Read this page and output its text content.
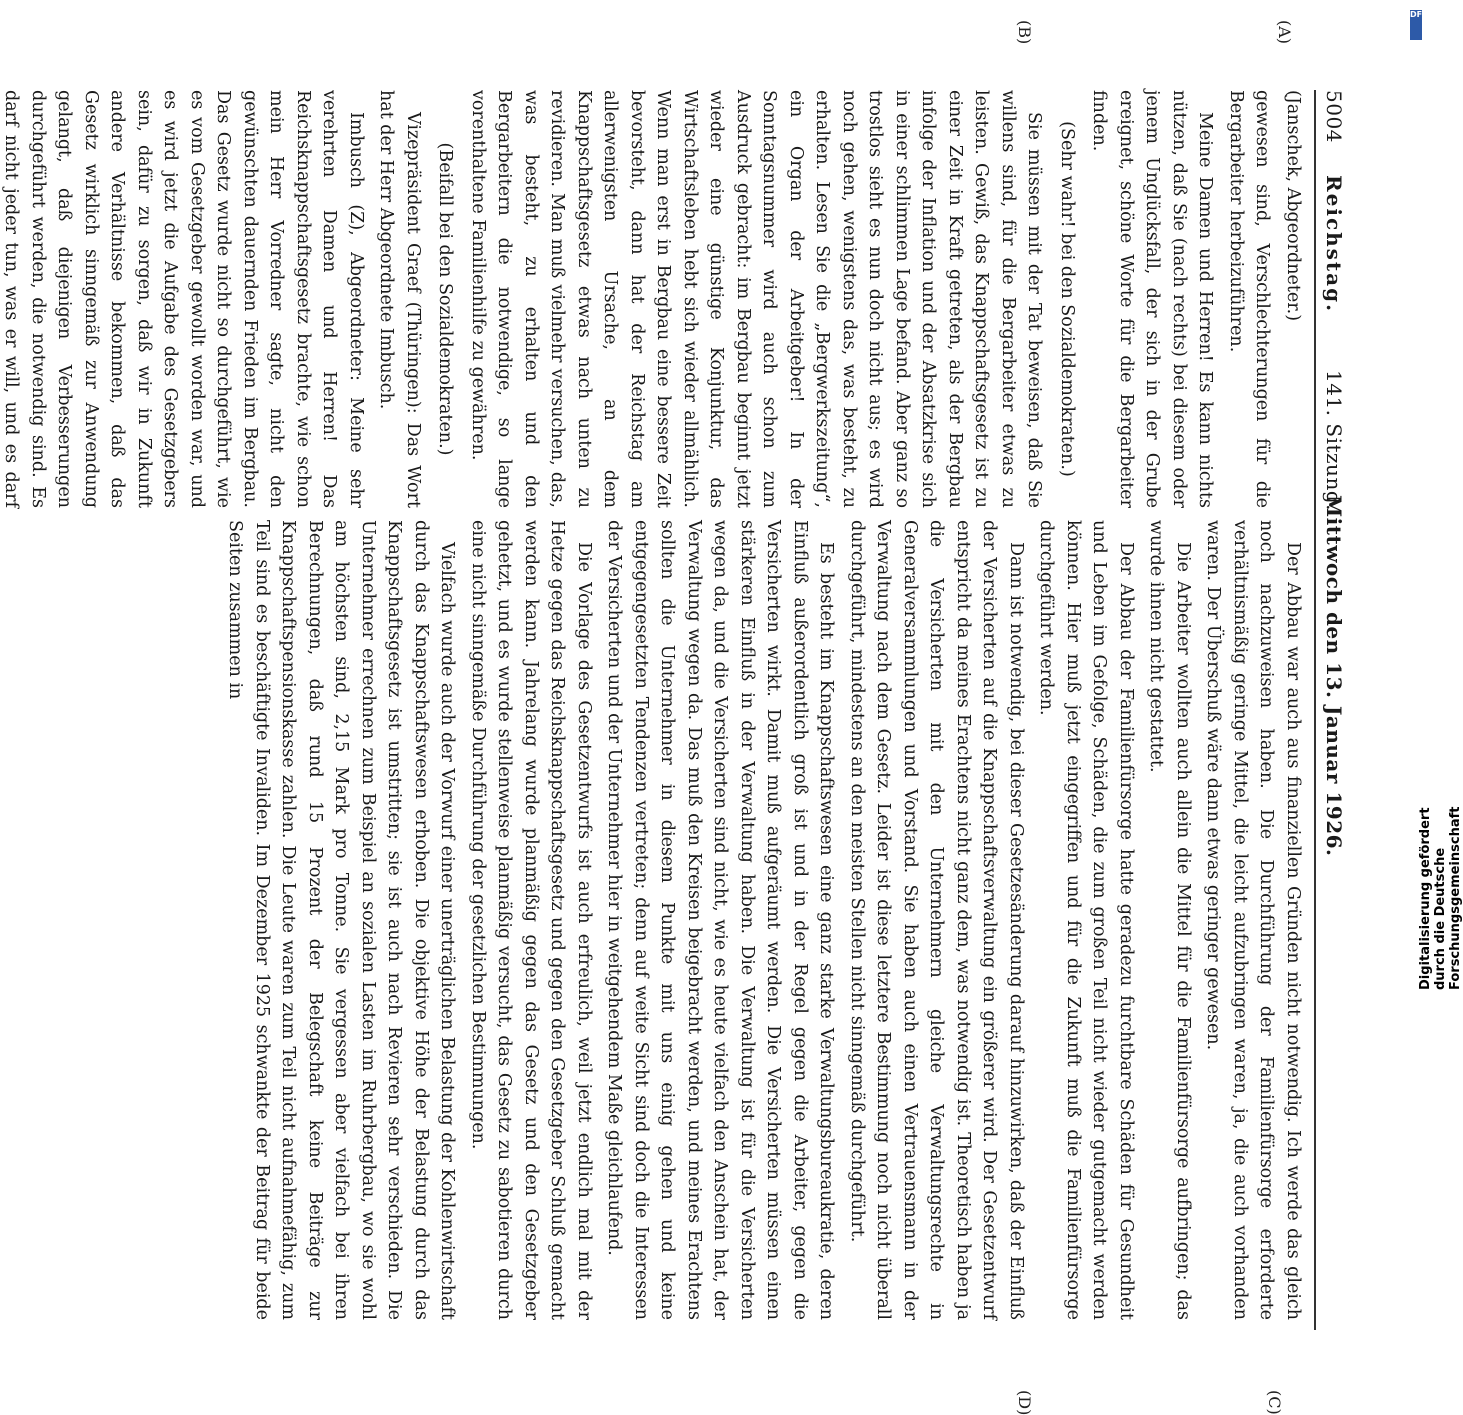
5004
Reichstag.
141. Sitzung.
Mittwoch den 13. Januar 1926.

(Janschek, Abgeordneter.)

gewesen sind, Verschlechterungen für die Bergarbeiter herbeizuführen.

Meine Damen und Herren! Es kann nichts nützen, daß Sie (nach rechts) bei diesem oder jenem Unglücksfall, der sich in der Grube ereignet, schöne Worte für die Bergarbeiter finden.

(Sehr wahr! bei den Sozialdemokraten.)

Sie müssen mit der Tat beweisen, daß Sie willens sind, für die Bergarbeiter etwas zu leisten. Gewiß, das Knappschaftsgesetz ist zu einer Zeit in Kraft getreten, als der Bergbau infolge der Inflation und der Absatzkrise sich in einer schlimmen Lage befand. Aber ganz so trostlos sieht es nun doch nicht aus; es wird noch gehen, wenigstens das, was besteht, zu erhalten. Lesen Sie die „Bergwerkszeitung“, ein Organ der Arbeitgeber! In der Sonntagsnummer wird auch schon zum Ausdruck gebracht: im Bergbau beginnt jetzt wieder eine günstige Konjunktur, das Wirtschaftsleben hebt sich wieder allmählich. Wenn man erst in Bergbau eine bessere Zeit bevorsteht, dann hat der Reichstag am allerwenigsten Ursache, an dem Knappschaftsgesetz etwas nach unten zu revidieren. Man muß vielmehr versuchen, das, was besteht, zu erhalten und den Bergarbeitern die notwendige, so lange vorenthaltene Familienhilfe zu gewähren.

(Beifall bei den Sozialdemokraten.)

Vizepräsident Graef (Thüringen): Das Wort hat der Herr Abgeordnete Imbusch.

Imbusch (Z), Abgeordneter: Meine sehr verehrten Damen und Herren! Das Reichsknappschaftsgesetz brachte, wie schon mein Herr Vorredner sagte, nicht den gewünschten dauernden Frieden im Bergbau. Das Gesetz wurde nicht so durchgeführt, wie es vom Gesetzgeber gewollt worden war, und es wird jetzt die Aufgabe des Gesetzgebers sein, dafür zu sorgen, daß wir in Zukunft andere Verhältnisse bekommen, daß das Gesetz wirklich sinngemäß zur Anwendung gelangt, daß diejenigen Verbesserungen durchgeführt werden, die notwendig sind. Es darf nicht jeder tun, was er will, und es darf

Der Abbau war auch aus finanziellen Gründen nicht notwendig. Ich werde das gleich noch nachzuweisen haben. Die Durchführung der Familienfürsorge erforderte verhältnismäßig geringe Mittel, die leicht aufzubringen waren, ja, die auch vorhanden waren. Der Überschuß wäre dann etwas geringer gewesen.

Die Arbeiter wollten auch allein die Mittel für die Familienfürsorge aufbringen; das wurde ihnen nicht gestattet.

Der Abbau der Familienfürsorge hatte geradezu furchtbare Schäden für Gesundheit und Leben im Gefolge, Schäden, die zum großen Teil nicht wieder gutgemacht werden können. Hier muß jetzt eingegriffen und für die Zukunft muß die Familienfürsorge durchgeführt werden.

Dann ist notwendig, bei dieser Gesetzesänderung darauf hinzuwirken, daß der Einfluß der Versicherten auf die Knappschaftsverwaltung ein größerer wird. Der Gesetzentwurf entspricht da meines Erachtens nicht ganz dem, was notwendig ist. Theoretisch haben ja die Versicherten mit den Unternehmern gleiche Verwaltungsrechte in Generalversammlungen und Vorstand. Sie haben auch einen Vertrauensmann in der Verwaltung nach dem Gesetz. Leider ist diese letztere Bestimmung noch nicht überall durchgeführt, mindestens an den meisten Stellen nicht sinngemäß durchgeführt.

Es besteht im Knappschaftswesen eine ganz starke Verwaltungsbureaukratie, deren Einfluß außerordentlich groß ist und in der Regel gegen die Arbeiter, gegen die Versicherten wirkt. Damit muß aufgeräumt werden. Die Versicherten müssen einen stärkeren Einfluß in der Verwaltung haben. Die Verwaltung ist für die Versicherten wegen da, und die Versicherten sind nicht, wie es heute vielfach den Anschein hat, der Verwaltung wegen da. Das muß den Kreisen beigebracht werden, und meines Erachtens sollten die Unternehmer in diesem Punkte mit uns einig gehen und keine entgegengesetzten Tendenzen vertreten; denn auf weite Sicht sind doch die Interessen der Versicherten und der Unternehmer hier in weitgehendem Maße gleichlaufend.

Die Vorlage des Gesetzentwurfs ist auch erfreulich, weil jetzt endlich mal mit der Hetze gegen das Reichsknappschaftsgesetz und gegen den Gesetzgeber Schluß gemacht werden kann. Jahrelang wurde planmäßig gegen das Gesetz und den Gesetzgeber gehetzt, und es wurde stellenweise planmäßig versucht, das Gesetz zu sabotieren durch eine nicht sinngemäße Durchführung der gesetzlichen Bestimmungen.

Vielfach wurde auch der Vorwurf einer unerträglichen Belastung der Kohlenwirtschaft durch das Knappschaftswesen erhoben. Die objektive Höhe der Belastung durch das Knappschaftsgesetz ist umstritten; sie ist auch nach Revieren sehr verschieden. Die Unternehmer errechnen zum Beispiel an sozialen Lasten im Ruhrbergbau, wo sie wohl am höchsten sind, 2,15 Mark pro Tonne. Sie vergessen aber vielfach bei ihren Berechnungen, daß rund 15 Prozent der Belegschaft keine Beiträge zur Knappschaftspensionskasse zahlen. Die Leute waren zum Teil nicht aufnahmefähig, zum Teil sind es beschäftigte Invaliden. Im Dezember 1925 schwankte der Beitrag für beide Seiten zusammen in

(A)
(B)
(C)
(D)
DFG
Digitalisierung gefördert durch die Deutsche Forschungsgemeinschaft
